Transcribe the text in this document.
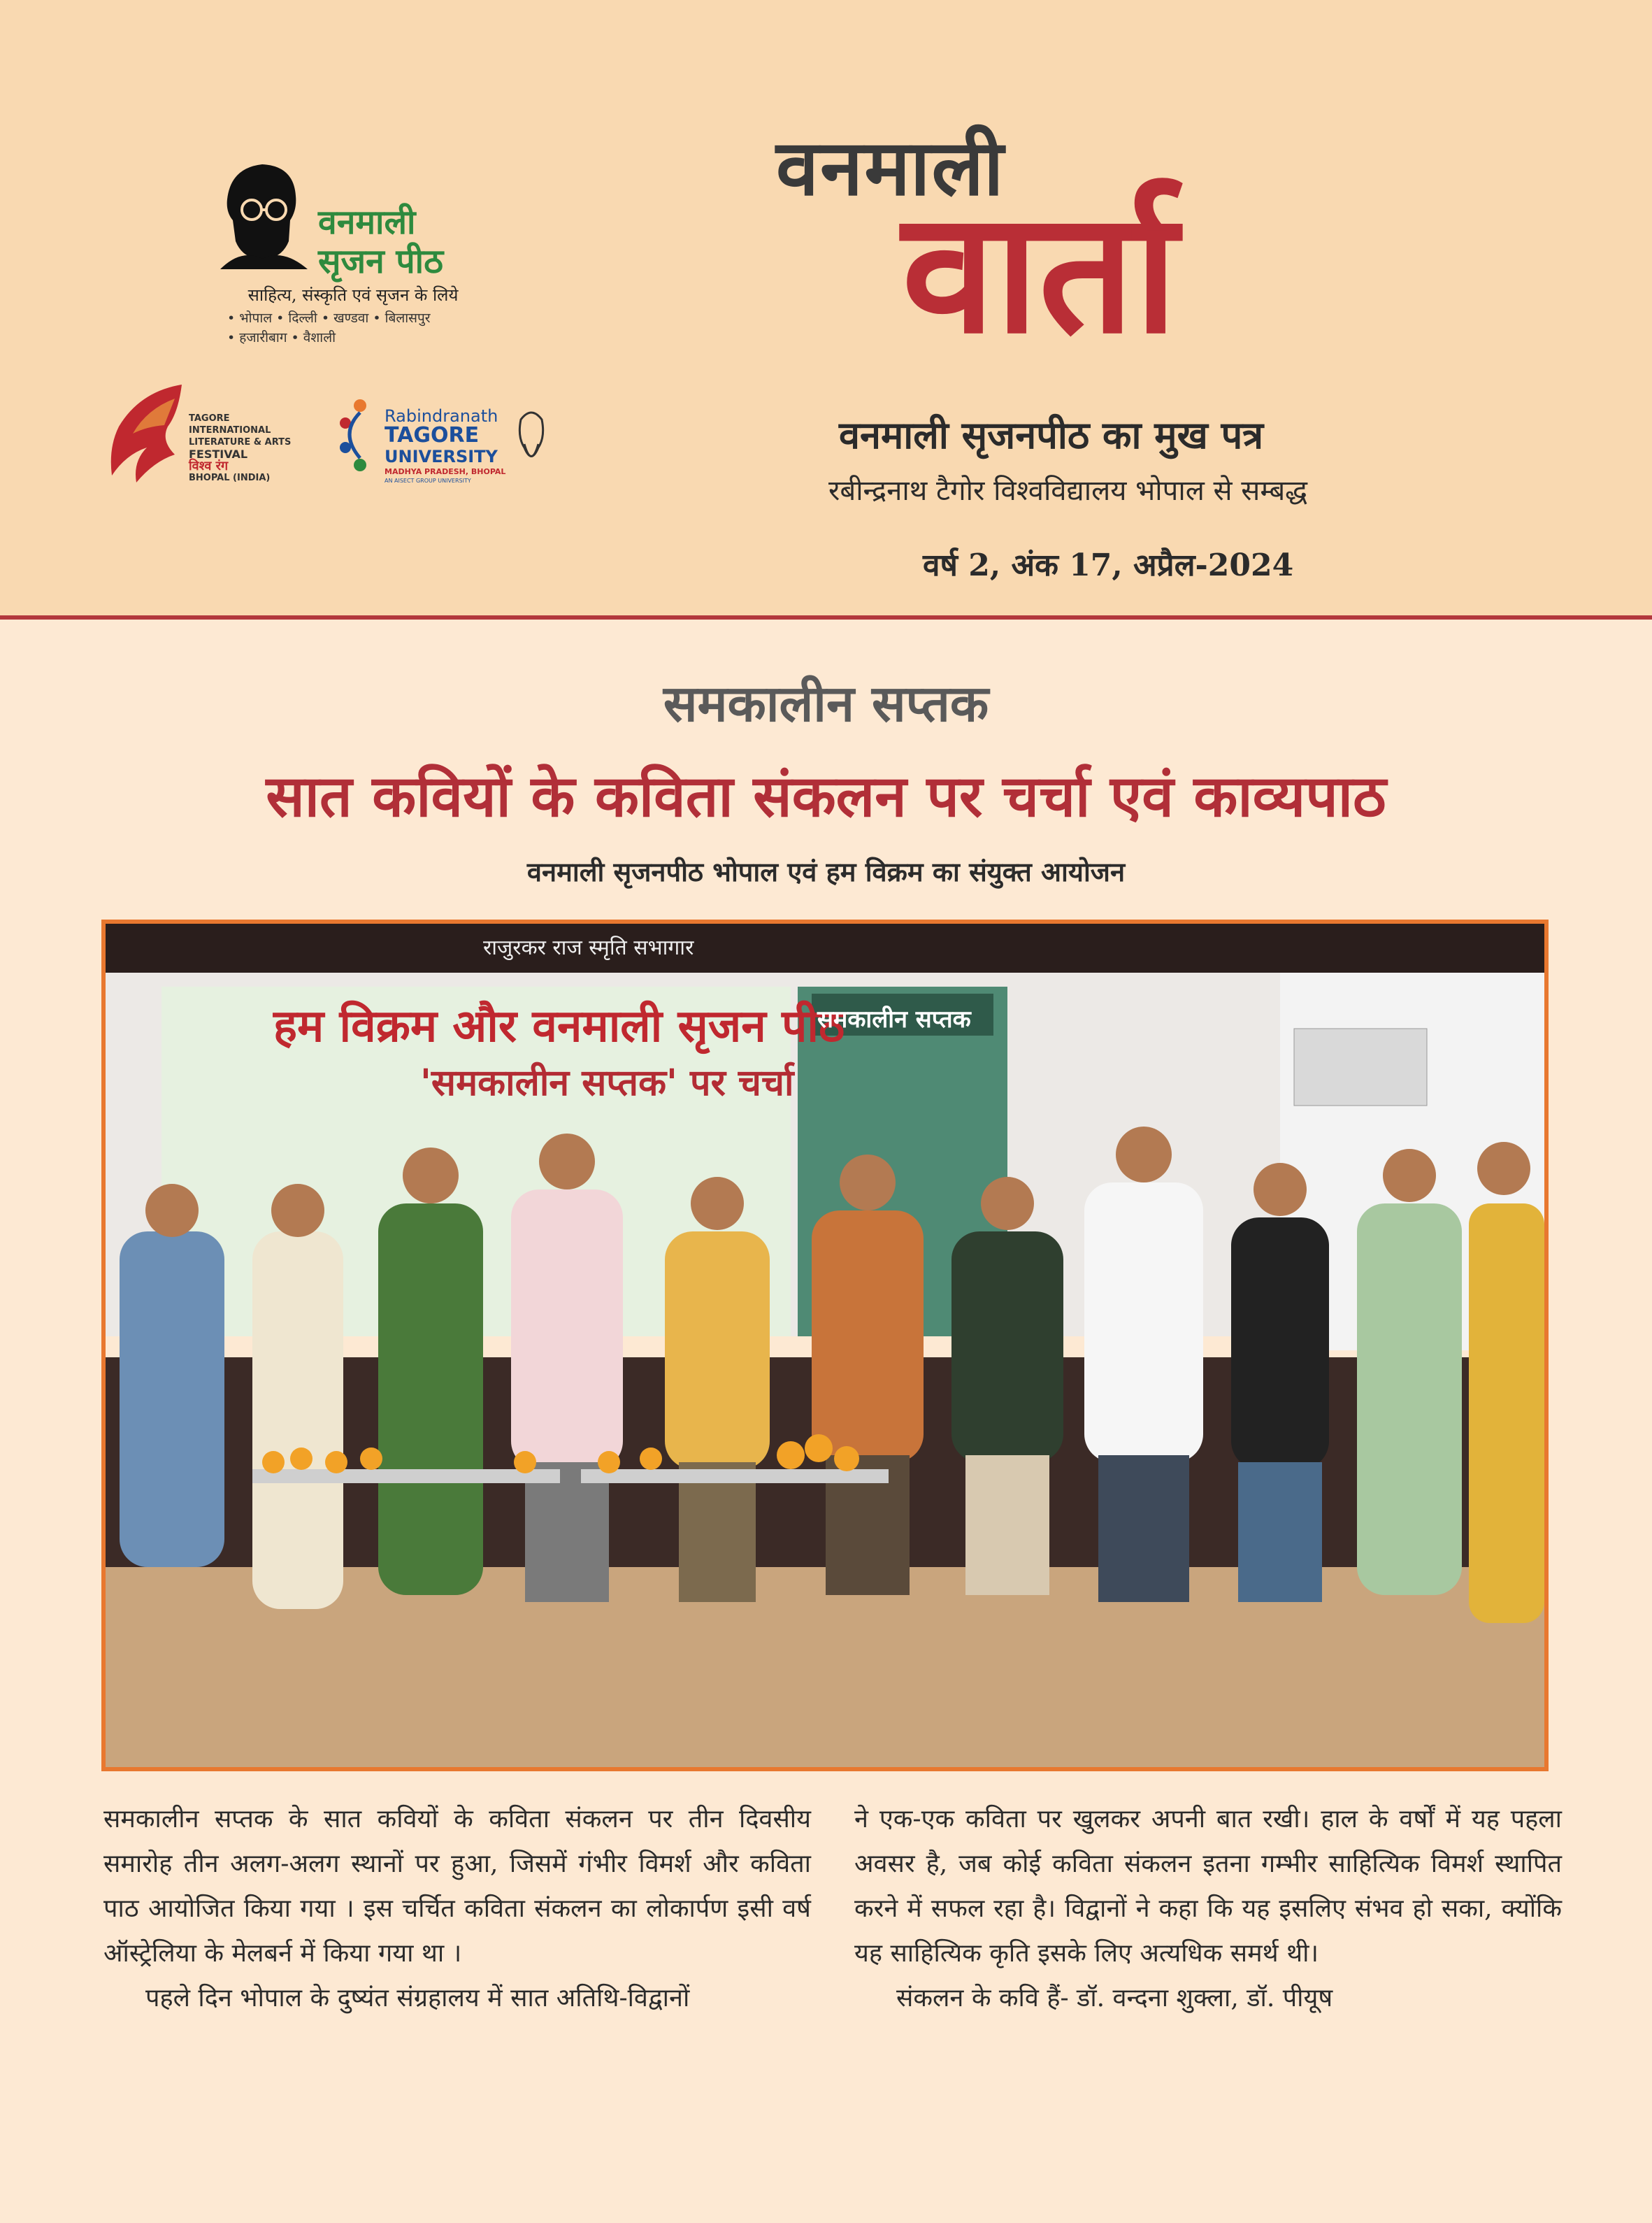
वनमाली
सृजन पीठ
साहित्य, संस्कृति एवं सृजन के लिये
• भोपाल • दिल्ली • खण्डवा • बिलासपुर
• हजारीबाग • वैशाली
TAGORE INTERNATIONAL
LITERATURE & ARTS
FESTIVAL
विश्व रंग
BHOPAL (INDIA)
Rabindranath
TAGORE
UNIVERSITY
MADHYA PRADESH, BHOPAL
AN AISECT GROUP UNIVERSITY
वनमाली
वार्ता
वनमाली सृजनपीठ का मुख पत्र
रबीन्द्रनाथ टैगोर विश्वविद्यालय भोपाल से सम्बद्ध
वर्ष 2, अंक 17, अप्रैल-2024
समकालीन सप्तक
सात कवियों के कविता संकलन पर चर्चा एवं काव्यपाठ
वनमाली सृजनपीठ भोपाल एवं हम विक्रम का संयुक्त आयोजन
राजुरकर राज स्मृति सभागार
हम विक्रम और वनमाली सृजन पीठ
'समकालीन सप्तक' पर चर्चा
समकालीन सप्तक

समकालीन सप्तक के सात कवियों के कविता संकलन पर तीन दिवसीय समारोह तीन अलग-अलग स्थानों पर हुआ, जिसमें गंभीर विमर्श और कविता पाठ आयोजित किया गया । इस चर्चित कविता संकलन का लोकार्पण इसी वर्ष ऑस्ट्रेलिया के मेलबर्न में किया गया था ।

पहले दिन भोपाल के दुष्यंत संग्रहालय में सात अतिथि-विद्वानों

ने एक-एक कविता पर खुलकर अपनी बात रखी। हाल के वर्षों में यह पहला अवसर है, जब कोई कविता संकलन इतना गम्भीर साहित्यिक विमर्श स्थापित करने में सफल रहा है। विद्वानों ने कहा कि यह इसलिए संभव हो सका, क्योंकि यह साहित्यिक कृति इसके लिए अत्यधिक समर्थ थी।

संकलन के कवि हैं- डॉ. वन्दना शुक्ला, डॉ. पीयूष
